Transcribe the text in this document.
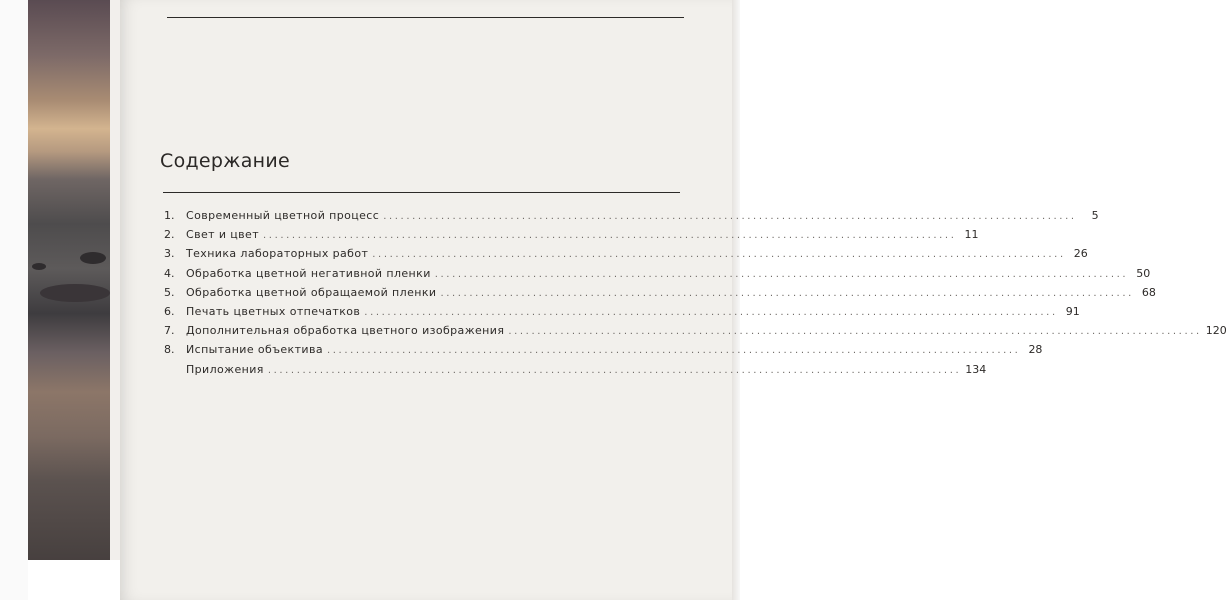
Содержание
1.	Современный цветной процесс ........................................................................................................................	5
2.	Свет и цвет ........................................................................................................................ 11
3.	Техника лабораторных работ ........................................................................................................................ 26
4.	Обработка цветной негативной пленки ........................................................................................................................ 50
5.	Обработка цветной обращаемой пленки ........................................................................................................................ 68
6.	Печать цветных отпечатков ........................................................................................................................ 91
7.	Дополнительная обработка цветного изображения ........................................................................................................................ 120
8.	Испытание объектива ........................................................................................................................ 28
Приложения ........................................................................................................................ 134
